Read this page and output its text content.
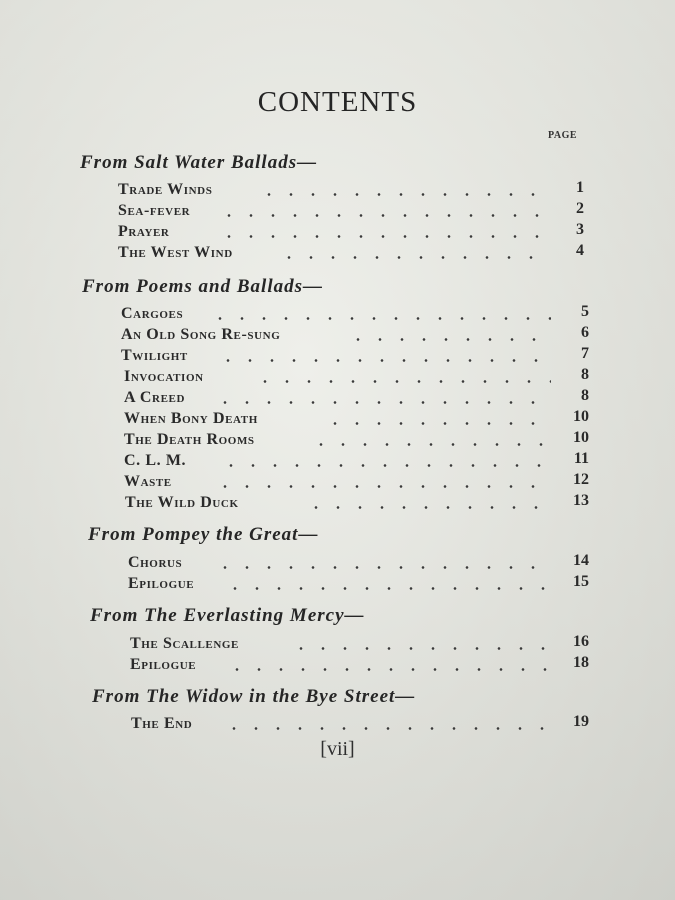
CONTENTS
PAGE
From Salt Water Ballads—
Trade Winds	1
Sea-fever	2
Prayer	3
The West Wind	4
From Poems and Ballads—
Cargoes	5
An Old Song Re-sung	6
Twilight	7
Invocation	8
A Creed	8
When Bony Death	10
The Death Rooms	10
C. L. M.	11
Waste	12
The Wild Duck	13
From Pompey the Great—
Chorus	14
Epilogue	15
From The Everlasting Mercy—
The Scallenge	16
Epilogue	18
From The Widow in the Bye Street—
The End	19
[vii]
